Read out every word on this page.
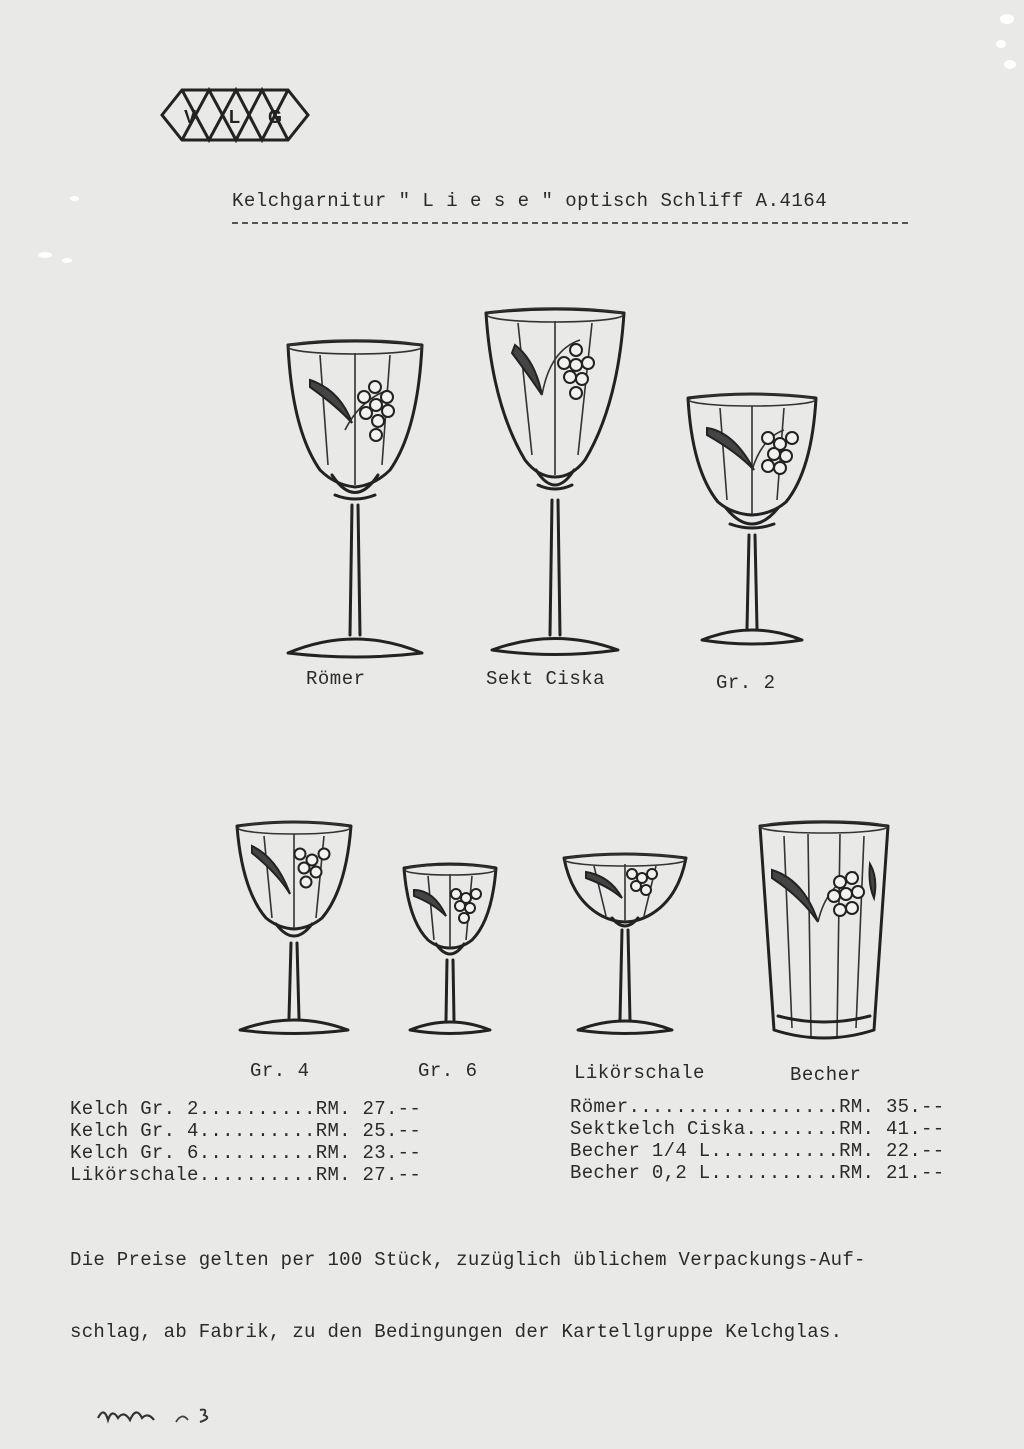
V L G
Kelchgarnitur " L i e s e " optisch Schliff A.4164
Römer	Sekt Ciska	Gr. 2
Gr. 4	Gr. 6	Likörschale	Becher
Kelch Gr. 2..........RM. 27.--
Kelch Gr. 4..........RM. 25.--
Kelch Gr. 6..........RM. 23.--
Likörschale..........RM. 27.--
Römer..................RM. 35.--
Sektkelch Ciska........RM. 41.--
Becher 1/4 L...........RM. 22.--
Becher 0,2 L...........RM. 21.--

Die Preise gelten per 100 Stück, zuzüglich üblichem Verpackungs-Auf-

schlag, ab Fabrik, zu den Bedingungen der Kartellgruppe Kelchglas.
